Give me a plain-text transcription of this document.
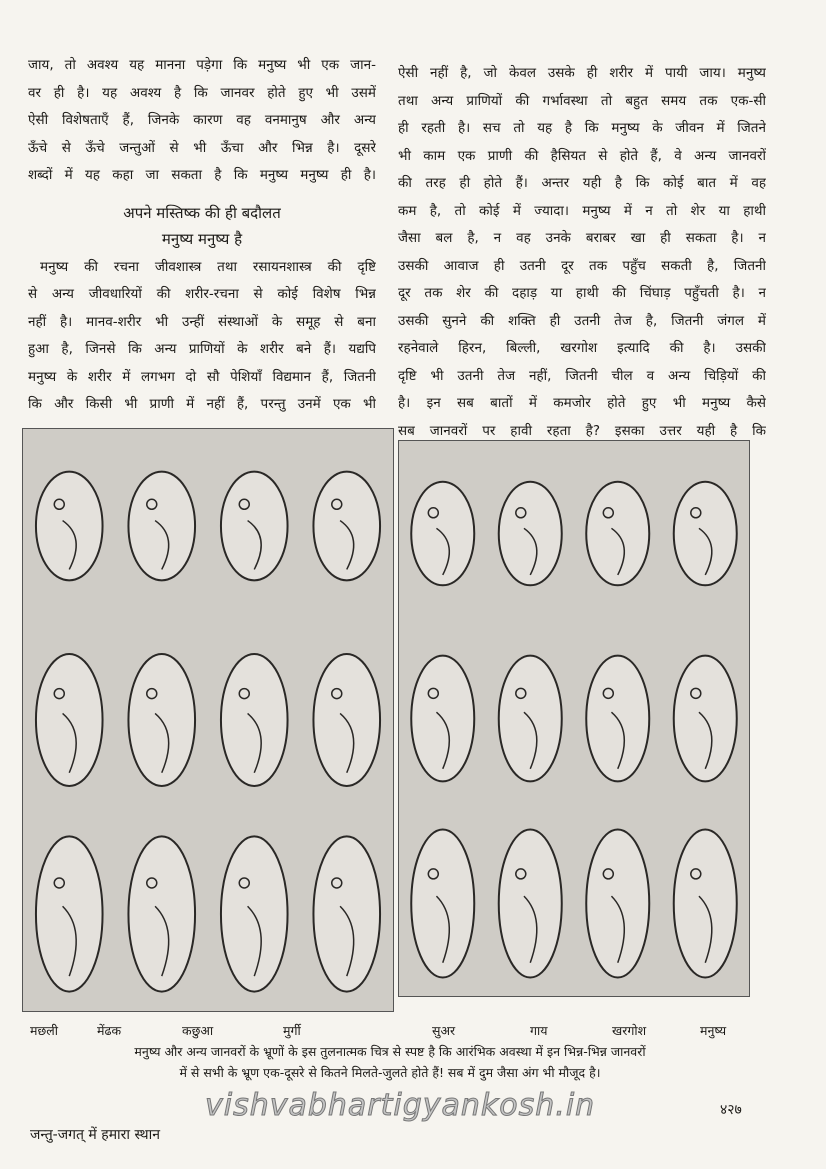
जाय, तो अवश्य यह मानना पड़ेगा कि मनुष्य भी एक जान-
वर ही है। यह अवश्य है कि जानवर होते हुए भी उसमें
ऐसी विशेषताएँ हैं, जिनके कारण वह वनमानुष और अन्य
ऊँचे से ऊँचे जन्तुओं से भी ऊँचा और भिन्न है। दूसरे
शब्दों में यह कहा जा सकता है कि मनुष्य मनुष्य ही है।
अपने मस्तिष्क की ही बदौलत
मनुष्य मनुष्य है
मनुष्य की रचना जीवशास्त्र तथा रसायनशास्त्र की दृष्टि
से अन्य जीवधारियों की शरीर-रचना से कोई विशेष भिन्न
नहीं है। मानव-शरीर भी उन्हीं संस्थाओं के समूह से बना
हुआ है, जिनसे कि अन्य प्राणियों के शरीर बने हैं। यद्यपि
मनुष्य के शरीर में लगभग दो सौ पेशियाँ विद्यमान हैं, जितनी
कि और किसी भी प्राणी में नहीं हैं, परन्तु उनमें एक भी
ऐसी नहीं है, जो केवल उसके ही शरीर में पायी जाय। मनुष्य
तथा अन्य प्राणियों की गर्भावस्था तो बहुत समय तक एक-सी
ही रहती है। सच तो यह है कि मनुष्य के जीवन में जितने
भी काम एक प्राणी की हैसियत से होते हैं, वे अन्य जानवरों
की तरह ही होते हैं। अन्तर यही है कि कोई बात में वह
कम है, तो कोई में ज्यादा। मनुष्य में न तो शेर या हाथी
जैसा बल है, न वह उनके बराबर खा ही सकता है। न
उसकी आवाज ही उतनी दूर तक पहुँच सकती है, जितनी
दूर तक शेर की दहाड़ या हाथी की चिंघाड़ पहुँचती है। न
उसकी सुनने की शक्ति ही उतनी तेज है, जितनी जंगल में
रहनेवाले हिरन, बिल्ली, खरगोश इत्यादि की है। उसकी
दृष्टि भी उतनी तेज नहीं, जितनी चील व अन्य चिड़ियों की
है। इन सब बातों में कमजोर होते हुए भी मनुष्य कैसे
सब जानवरों पर हावी रहता है? इसका उत्तर यही है कि
मछली	मेंढक	कछुआ	मुर्गी	सुअर	गाय	खरगोश	मनुष्य
मनुष्य और अन्य जानवरों के भ्रूणों के इस तुलनात्मक चित्र से स्पष्ट है कि आरंभिक अवस्था में इन भिन्न-भिन्न जानवरों
में से सभी के भ्रूण एक-दूसरे से कितने मिलते-जुलते होते हैं! सब में दुम जैसा अंग भी मौजूद है।
vishvabhartigyankosh.in
जन्तु-जगत् में हमारा स्थान
४२७
